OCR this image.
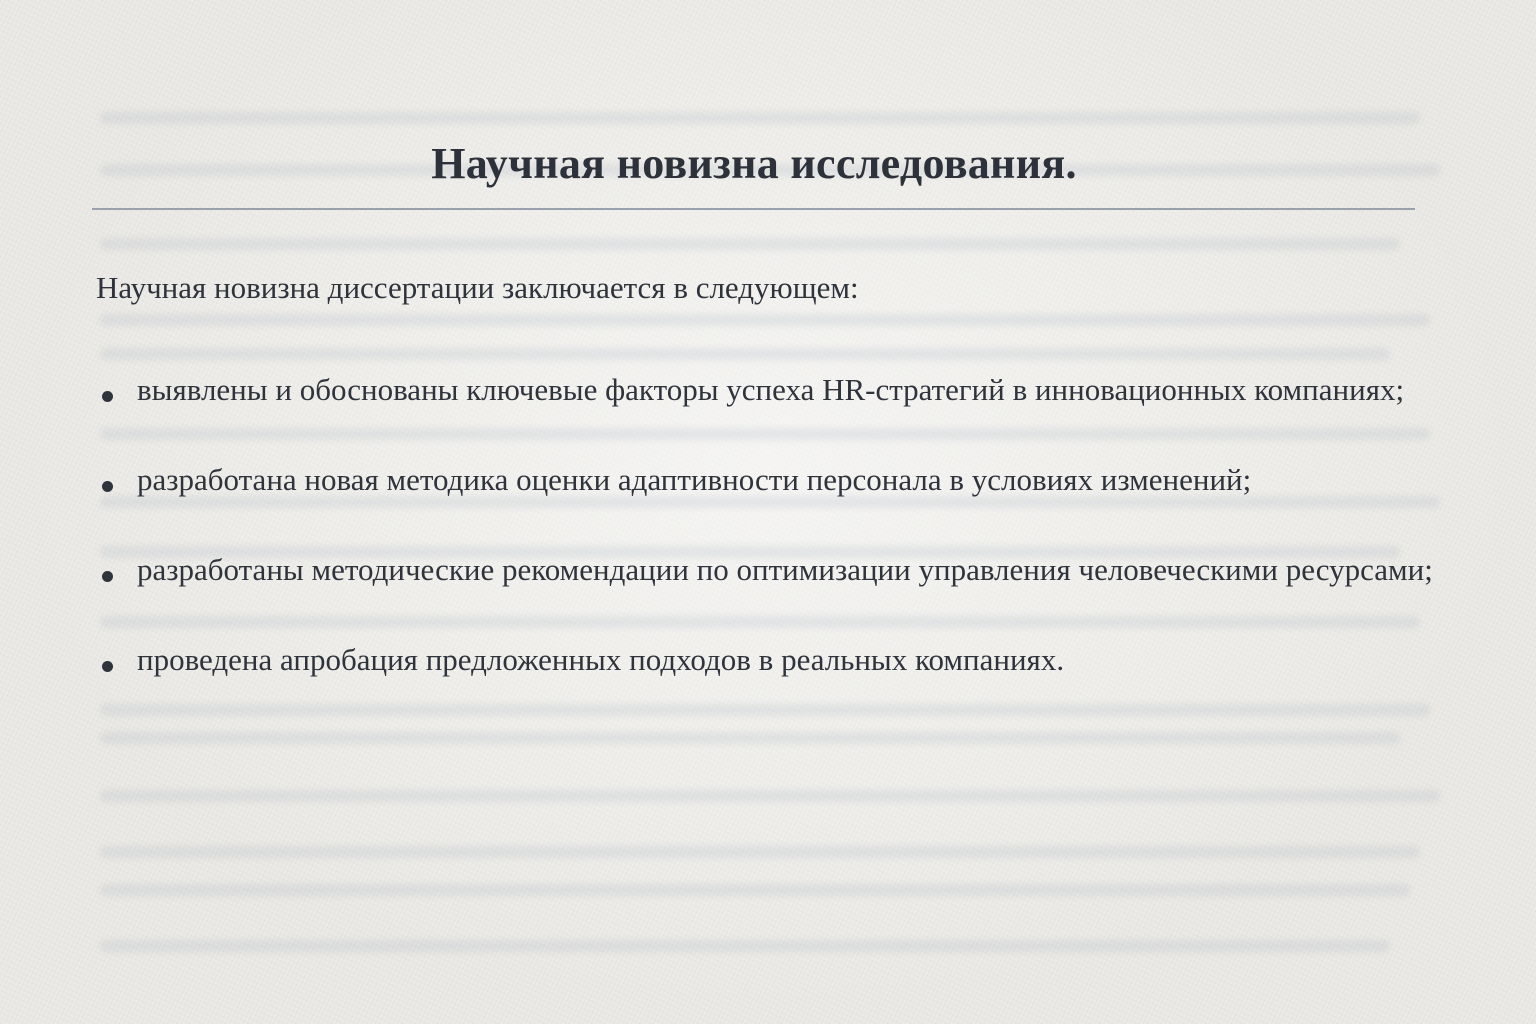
Научная новизна исследования.
Научная новизна диссертации заключается в следующем:
выявлены и обоснованы ключевые факторы успеха HR-стратегий в инновационных компаниях;
разработана новая методика оценки адаптивности персонала в условиях изменений;
разработаны методические рекомендации по оптимизации управления человеческими ресурсами;
проведена апробация предложенных подходов в реальных компаниях.
